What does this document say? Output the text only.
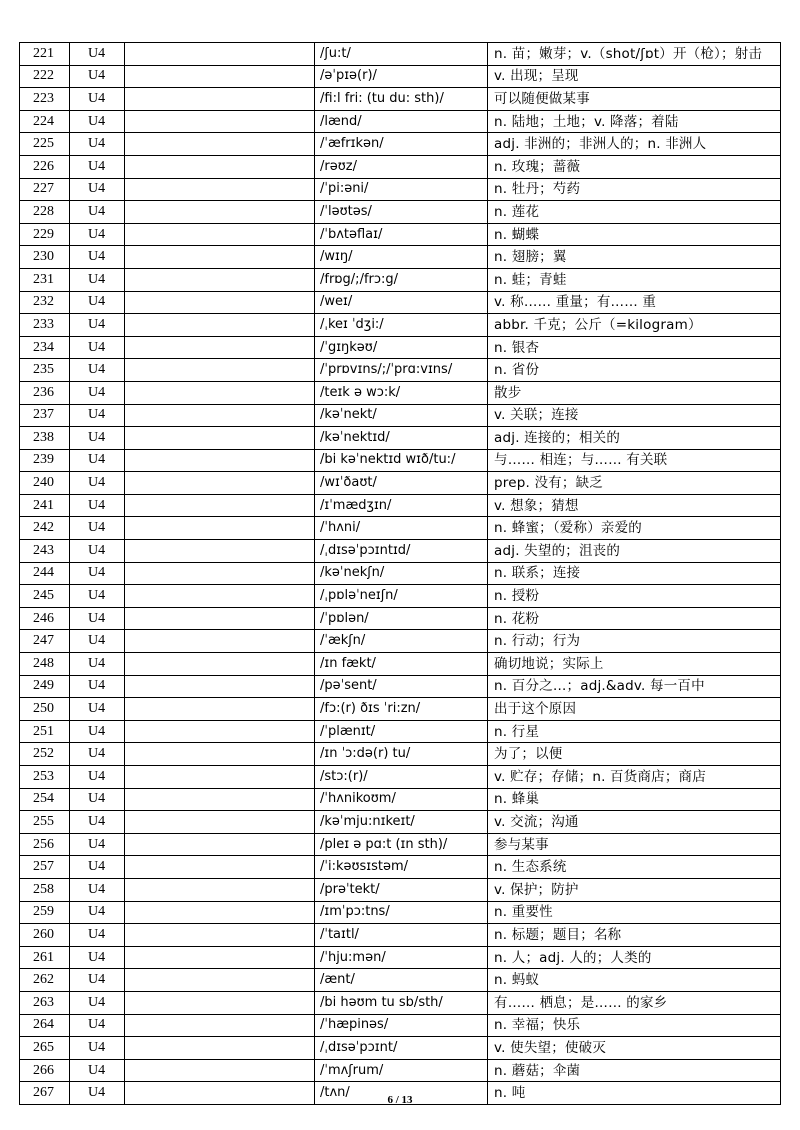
221	U4		/ʃu:t/	n. 苗；嫩芽；v.（shot/ʃɒt）开（枪）；射击
222	U4		/əˈpɪə(r)/	v. 出现；呈现
223	U4		/fi:l fri: (tu du: sth)/	可以随便做某事
224	U4		/lænd/	n. 陆地；土地；v. 降落；着陆
225	U4		/ˈæfrɪkən/	adj. 非洲的；非洲人的；n. 非洲人
226	U4		/rəʊz/	n. 玫瑰；蔷薇
227	U4		/ˈpi:əni/	n. 牡丹；芍药
228	U4		/ˈləʊtəs/	n. 莲花
229	U4		/ˈbʌtəflaɪ/	n. 蝴蝶
230	U4		/wɪŋ/	n. 翅膀；翼
231	U4		/frɒg/;/frɔ:g/	n. 蛙；青蛙
232	U4		/weɪ/	v. 称…… 重量；有…… 重
233	U4		/ˌkeɪ ˈdʒi:/	abbr. 千克；公斤（=kilogram）
234	U4		/ˈgɪŋkəʊ/	n. 银杏
235	U4		/ˈprɒvɪns/;/ˈprɑ:vɪns/	n. 省份
236	U4		/teɪk ə wɔ:k/	散步
237	U4		/kəˈnekt/	v. 关联；连接
238	U4		/kəˈnektɪd/	adj. 连接的；相关的
239	U4		/bi kəˈnektɪd wɪð/tu:/	与…… 相连；与…… 有关联
240	U4		/wɪˈðaʊt/	prep. 没有；缺乏
241	U4		/ɪˈmædʒɪn/	v. 想象；猜想
242	U4		/ˈhʌni/	n. 蜂蜜；（爱称）亲爱的
243	U4		/ˌdɪsəˈpɔɪntɪd/	adj. 失望的；沮丧的
244	U4		/kəˈnekʃn/	n. 联系；连接
245	U4		/ˌpɒləˈneɪʃn/	n. 授粉
246	U4		/ˈpɒlən/	n. 花粉
247	U4		/ˈækʃn/	n. 行动；行为
248	U4		/ɪn fækt/	确切地说；实际上
249	U4		/pəˈsent/	n. 百分之…；adj.&adv. 每一百中
250	U4		/fɔ:(r) ðɪs ˈri:zn/	出于这个原因
251	U4		/ˈplænɪt/	n. 行星
252	U4		/ɪn ˈɔ:də(r) tu/	为了；以便
253	U4		/stɔ:(r)/	v. 贮存；存储；n. 百货商店；商店
254	U4		/ˈhʌnikoʊm/	n. 蜂巢
255	U4		/kəˈmju:nɪkeɪt/	v. 交流；沟通
256	U4		/pleɪ ə pɑ:t (ɪn sth)/	参与某事
257	U4		/ˈi:kəʊsɪstəm/	n. 生态系统
258	U4		/prəˈtekt/	v. 保护；防护
259	U4		/ɪmˈpɔ:tns/	n. 重要性
260	U4		/ˈtaɪtl/	n. 标题；题目；名称
261	U4		/ˈhju:mən/	n. 人；adj. 人的；人类的
262	U4		/ænt/	n. 蚂蚁
263	U4		/bi həʊm tu sb/sth/	有…… 栖息；是…… 的家乡
264	U4		/ˈhæpinəs/	n. 幸福；快乐
265	U4		/ˌdɪsəˈpɔɪnt/	v. 使失望；使破灭
266	U4		/ˈmʌʃrum/	n. 蘑菇；伞菌
267	U4		/tʌn/	n. 吨
6 / 13
